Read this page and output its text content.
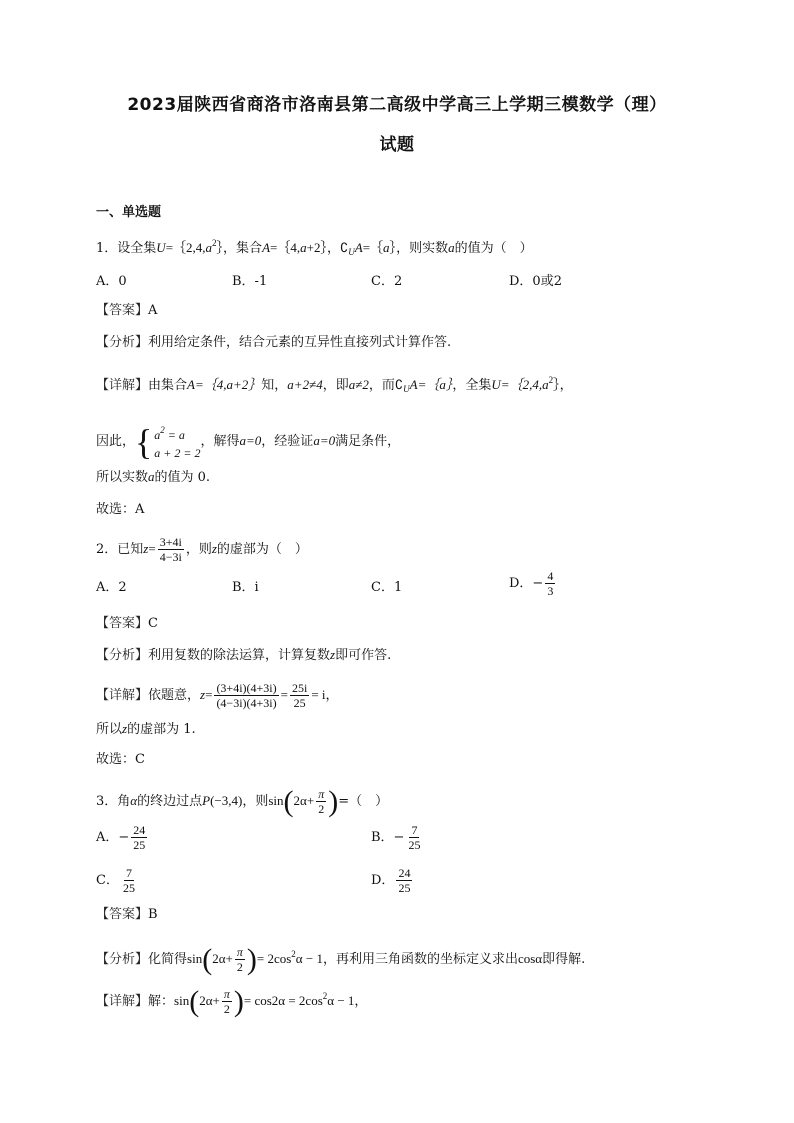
2023届陕西省商洛市洛南县第二高级中学高三上学期三模数学（理）
试题
一、单选题
1．设全集$U=\{2,4,a^2\}$，集合A=｛4,a+2｝，$∁_UA=\{a\}$，则实数a的值为（　）
A．0	B．-1	C．2	D．0或2
【答案】A
【分析】利用给定条件，结合元素的互异性直接列式计算作答.
【详解】由集合A=｛4,a+2｝知，a+2≠4，即a≠2，而$∁_UA=\{a\}$，全集$U=\{2,4,a^2\}$，
因此， { $a^2 = a$
a + 2 = 2
，解得a=0，经验证a=0满足条件，
所以实数a的值为 0.
故选：A
2．已知$z= \frac{3+4i}{4-3i}$ ，则z的虚部为（　）
A．2	B．i	C．1	D．− $\frac{4}{3}$
【答案】C
【分析】利用复数的除法运算，计算复数z即可作答.
【详解】依题意，$z= \frac{(3+4i)(4+3i)}{(4-3i)(4+3i)} = \frac{25i}{25} = i$，
所以z的虚部为 1.
故选：C
3．角α的终边过点P(−3,4)，则$\sin(2\alpha+ \frac{\pi}{2}$ )=（　）
A．− $\frac{24}{25}$	B．− $\frac{7}{25}$
C． $\frac{7}{25}$	D． $\frac{24}{25}$
【答案】B
【分析】化简得$\sin(2\alpha+ \frac{\pi}{2}$ )= $2\cos^2\alpha - 1$，再利用三角函数的坐标定义求出cosα即得解.
【详解】解：$\sin(2\alpha+ \frac{\pi}{2}$ )= $\cos 2\alpha = 2\cos^2\alpha - 1$，
